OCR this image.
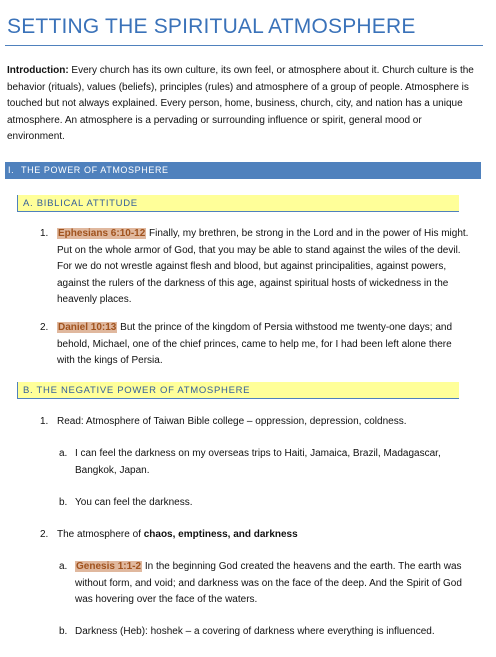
SETTING THE SPIRITUAL ATMOSPHERE
Introduction: Every church has its own culture, its own feel, or atmosphere about it. Church culture is the behavior (rituals), values (beliefs), principles (rules) and atmosphere of a group of people. Atmosphere is touched but not always explained. Every person, home, business, church, city, and nation has a unique atmosphere. An atmosphere is a pervading or surrounding influence or spirit, general mood or environment.
I. THE POWER OF ATMOSPHERE
A. BIBLICAL ATTITUDE
1. Ephesians 6:10-12 Finally, my brethren, be strong in the Lord and in the power of His might. Put on the whole armor of God, that you may be able to stand against the wiles of the devil. For we do not wrestle against flesh and blood, but against principalities, against powers, against the rulers of the darkness of this age, against spiritual hosts of wickedness in the heavenly places.
2. Daniel 10:13 But the prince of the kingdom of Persia withstood me twenty-one days; and behold, Michael, one of the chief princes, came to help me, for I had been left alone there with the kings of Persia.
B. THE NEGATIVE POWER OF ATMOSPHERE
1. Read: Atmosphere of Taiwan Bible college – oppression, depression, coldness.
a. I can feel the darkness on my overseas trips to Haiti, Jamaica, Brazil, Madagascar, Bangkok, Japan.
b. You can feel the darkness.
2. The atmosphere of chaos, emptiness, and darkness
a. Genesis 1:1-2 In the beginning God created the heavens and the earth. The earth was without form, and void; and darkness was on the face of the deep. And the Spirit of God was hovering over the face of the waters.
b. Darkness (Heb): hoshek – a covering of darkness where everything is influenced.
